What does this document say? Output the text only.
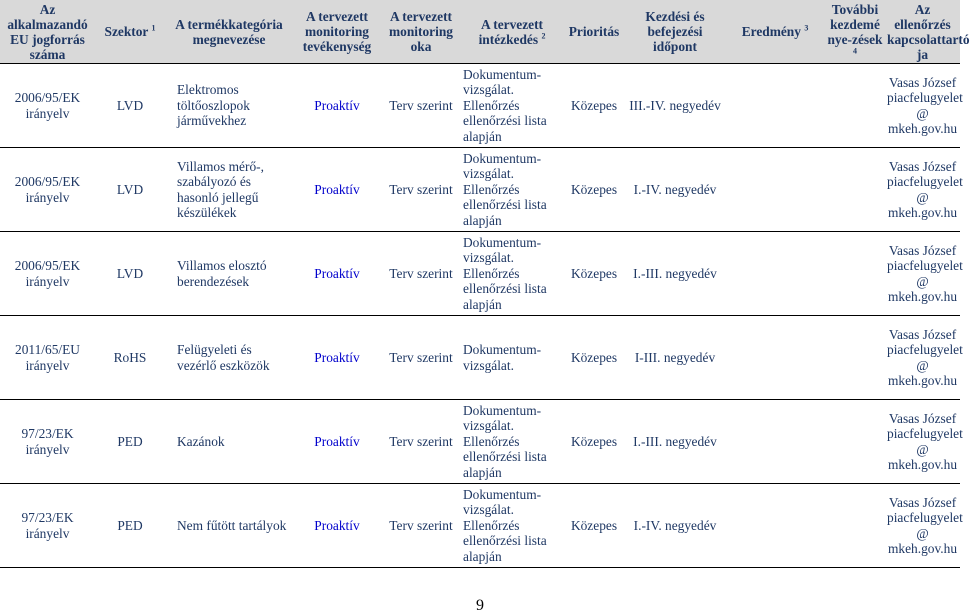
Az alkalmazandó EU jogforrás száma	Szektor $^1$	A termékkategória megnevezése	A tervezett monitoring tevékenység	A tervezett monitoring oka	A tervezett intézkedés $^2$	Prioritás	Kezdési és befejezési időpont	Eredmény $^3$	További kezdemé nye-zések $^4$	Az ellenőrzés kapcsolattartó ja
2006/95/EK irányelv	LVD	Elektromos töltőoszlopok járművekhez	Proaktív	Terv szerint	Dokumentum-vizsgálat. Ellenőrzés ellenőrzési lista alapján	Közepes	III.-IV. negyedév			Vasas József piacfelugyelet @ mkeh.gov.hu
2006/95/EK irányelv	LVD	Villamos mérő-, szabályozó és hasonló jellegű készülékek	Proaktív	Terv szerint	Dokumentum-vizsgálat. Ellenőrzés ellenőrzési lista alapján	Közepes	I.-IV. negyedév			Vasas József piacfelugyelet @ mkeh.gov.hu
2006/95/EK irányelv	LVD	Villamos elosztó berendezések	Proaktív	Terv szerint	Dokumentum-vizsgálat. Ellenőrzés ellenőrzési lista alapján	Közepes	I.-III. negyedév			Vasas József piacfelugyelet @ mkeh.gov.hu
2011/65/EU irányelv	RoHS	Felügyeleti és vezérlő eszközök	Proaktív	Terv szerint	Dokumentum-vizsgálat.	Közepes	I-III. negyedév			Vasas József piacfelugyelet @ mkeh.gov.hu
97/23/EK irányelv	PED	Kazánok	Proaktív	Terv szerint	Dokumentum-vizsgálat. Ellenőrzés ellenőrzési lista alapján	Közepes	I.-III. negyedév			Vasas József piacfelugyelet @ mkeh.gov.hu
97/23/EK irányelv	PED	Nem fűtött tartályok	Proaktív	Terv szerint	Dokumentum-vizsgálat. Ellenőrzés ellenőrzési lista alapján	Közepes	I.-IV. negyedév			Vasas József piacfelugyelet @ mkeh.gov.hu
9
